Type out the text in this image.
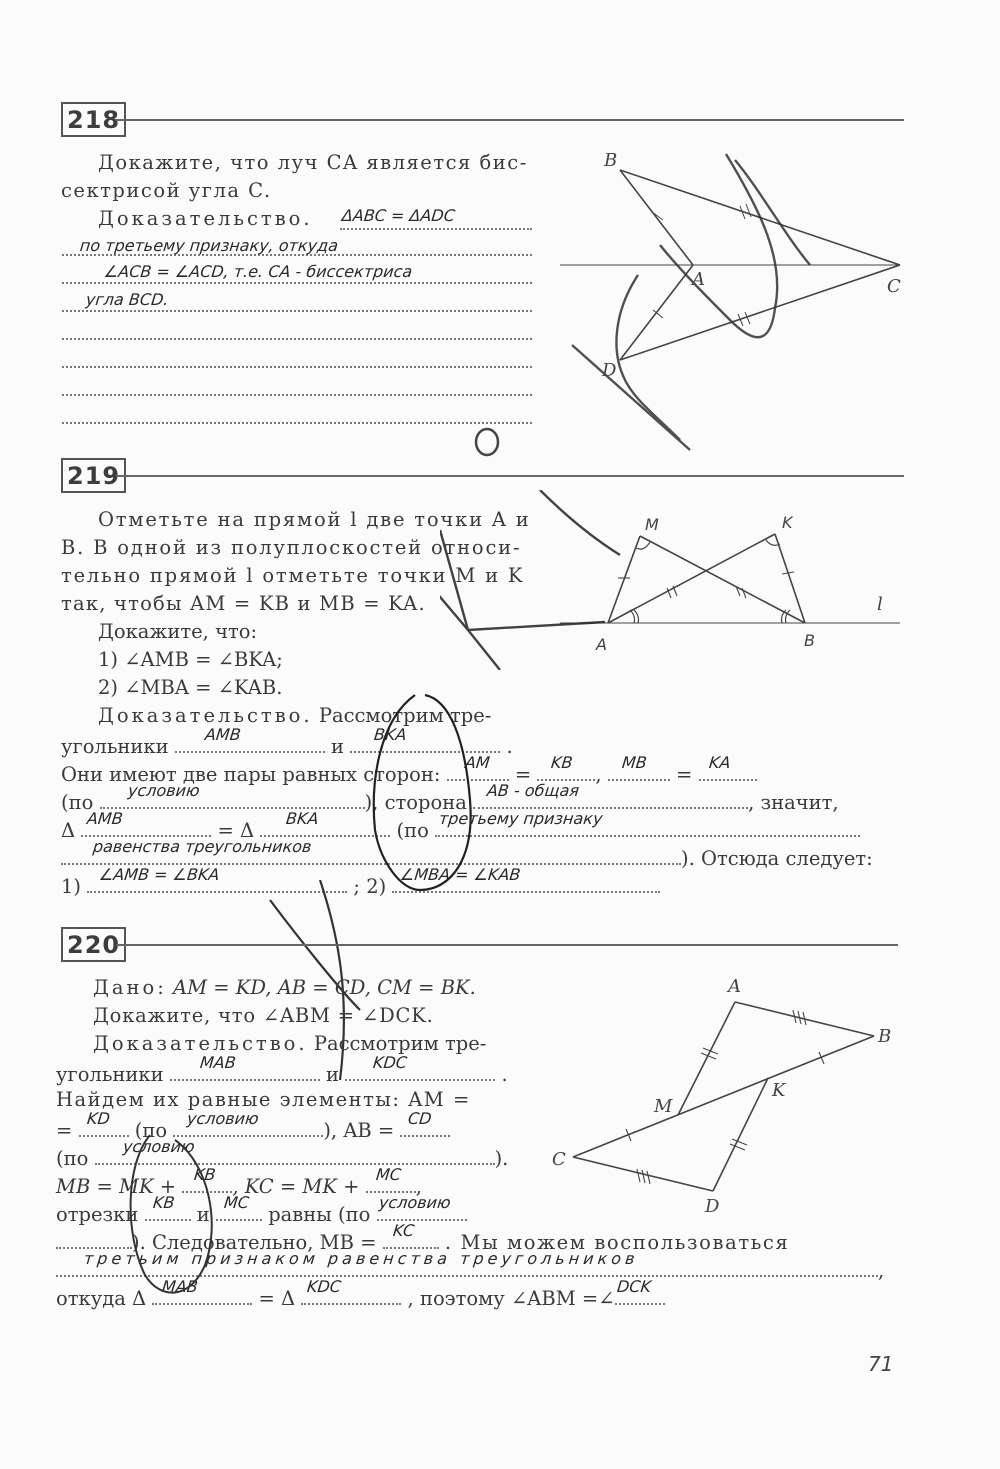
218
Докажите, что луч CA является бис-
сектрисой угла C.
Доказательство. ΔABC = ΔADC
по третьему признаку, откуда
∠ACB = ∠ACD, т.е. CA - биссектриса
угла BCD.
B
A	C
D
219
Отметьте на прямой l две точки A и
B. В одной из полуплоскостей относи-
тельно прямой l отметьте точки M и K
так, чтобы AM = KB и MB = KA.
Докажите, что:
1) ∠AMB = ∠BKA;
2) ∠MBA = ∠KAB.
Доказательство. Рассмотрим тре-
угольники
AMB
и
BKA
.
Они имеют две пары равных сторон:
AM
=
KB
,
MB
=
KA
(по
условию
), сторона
AB - общая
, значит,
Δ
AMB
= Δ
BKA
(по
третьему признаку
равенства треугольников
). Отсюда следует:
1)
∠AMB = ∠BKA
; 2)
∠MBA = ∠KAB
M	K
A	B
l
220
Дано: AM = KD, AB = CD, CM = BK.
Докажите, что ∠ABM = ∠DCK.
Доказательство. Рассмотрим тре-
угольники
MAB
и
KDC
.
Найдем их равные элементы: AM =
=
KD
(по
условию
), AB =
CD
(по
условию
).
MB = MK +
KB
, KC = MK +
MC
,
отрезки
KB
и
MC
равны (по
условию
). Следовательно, MB =
KC
. Мы можем воспользоваться
третьим признаком равенства треугольников
,
откуда Δ
MAB
= Δ
KDC
, поэтому ∠ABM =∠
DCK
A
B
K
M
C
D
71
